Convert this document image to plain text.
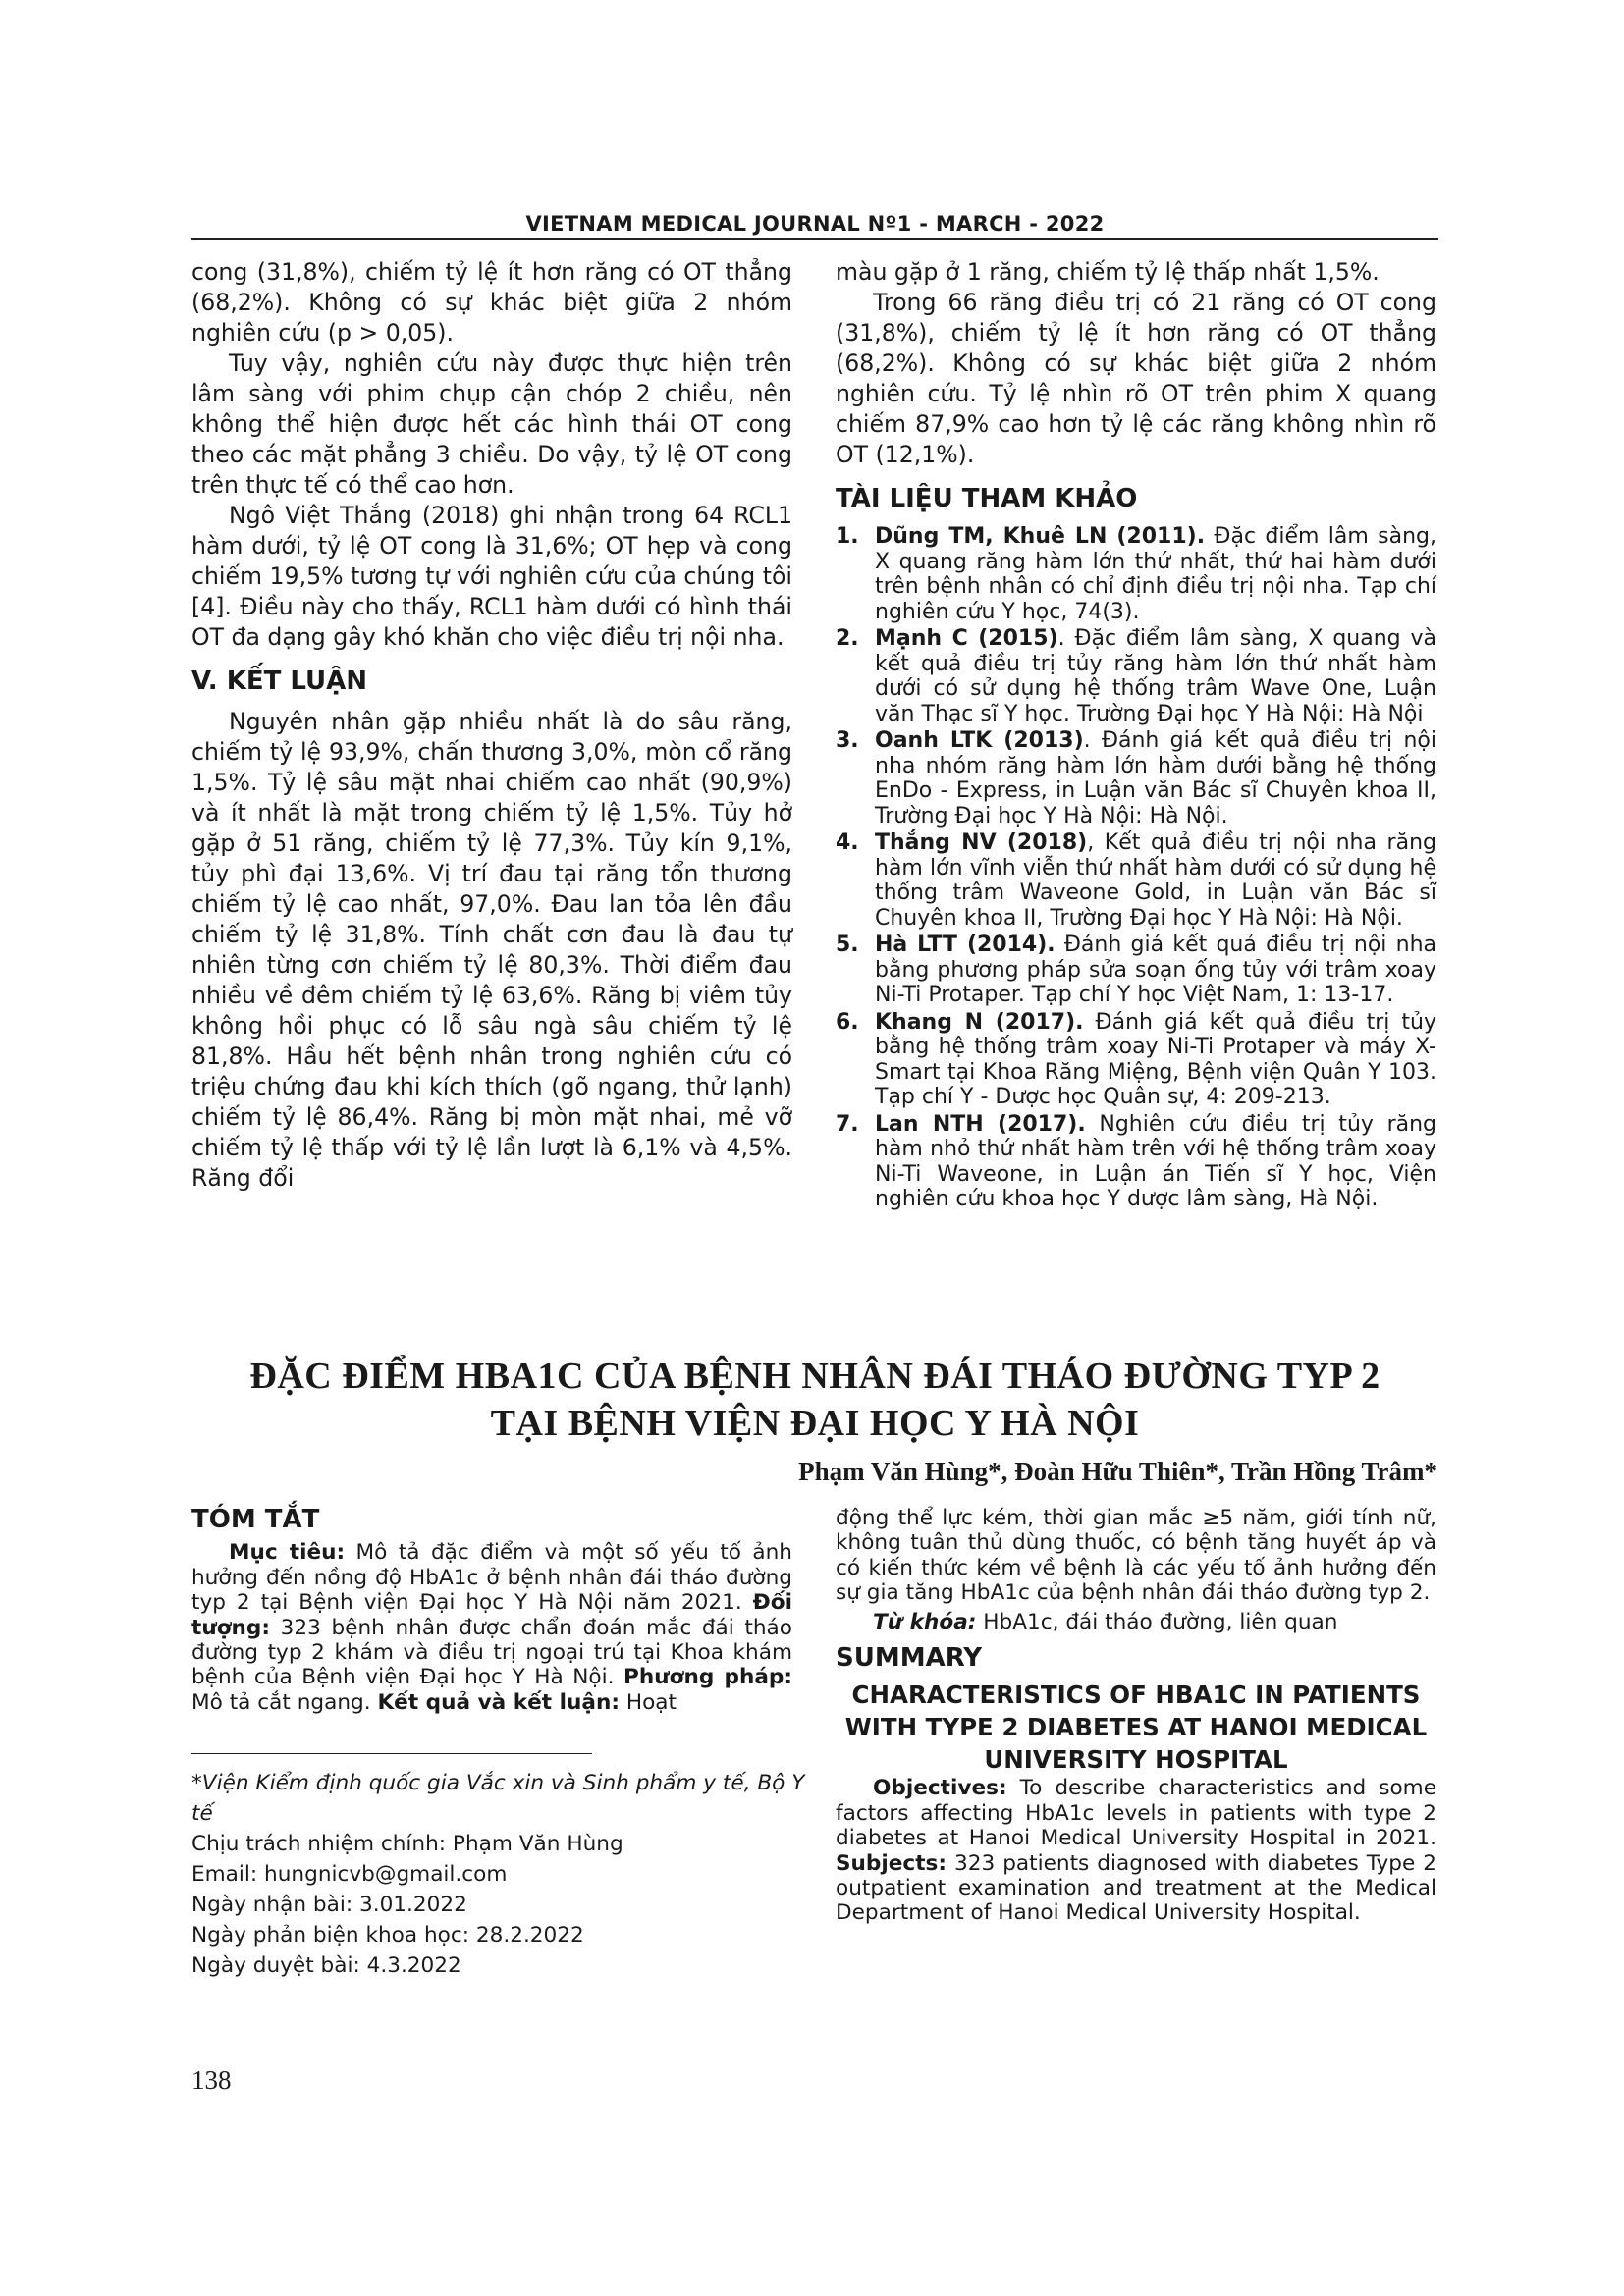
VIETNAM MEDICAL JOURNAL Nº1 - MARCH - 2022

cong (31,8%), chiếm tỷ lệ ít hơn răng có OT thẳng (68,2%). Không có sự khác biệt giữa 2 nhóm nghiên cứu (p > 0,05).

Tuy vậy, nghiên cứu này được thực hiện trên lâm sàng với phim chụp cận chóp 2 chiều, nên không thể hiện được hết các hình thái OT cong theo các mặt phẳng 3 chiều. Do vậy, tỷ lệ OT cong trên thực tế có thể cao hơn.

Ngô Việt Thắng (2018) ghi nhận trong 64 RCL1 hàm dưới, tỷ lệ OT cong là 31,6%; OT hẹp và cong chiếm 19,5% tương tự với nghiên cứu của chúng tôi [4]. Điều này cho thấy, RCL1 hàm dưới có hình thái OT đa dạng gây khó khăn cho việc điều trị nội nha.

V. KẾT LUẬN

Nguyên nhân gặp nhiều nhất là do sâu răng, chiếm tỷ lệ 93,9%, chấn thương 3,0%, mòn cổ răng 1,5%. Tỷ lệ sâu mặt nhai chiếm cao nhất (90,9%) và ít nhất là mặt trong chiếm tỷ lệ 1,5%. Tủy hở gặp ở 51 răng, chiếm tỷ lệ 77,3%. Tủy kín 9,1%, tủy phì đại 13,6%. Vị trí đau tại răng tổn thương chiếm tỷ lệ cao nhất, 97,0%. Đau lan tỏa lên đầu chiếm tỷ lệ 31,8%. Tính chất cơn đau là đau tự nhiên từng cơn chiếm tỷ lệ 80,3%. Thời điểm đau nhiều về đêm chiếm tỷ lệ 63,6%. Răng bị viêm tủy không hồi phục có lỗ sâu ngà sâu chiếm tỷ lệ 81,8%. Hầu hết bệnh nhân trong nghiên cứu có triệu chứng đau khi kích thích (gõ ngang, thử lạnh) chiếm tỷ lệ 86,4%. Răng bị mòn mặt nhai, mẻ vỡ chiếm tỷ lệ thấp với tỷ lệ lần lượt là 6,1% và 4,5%. Răng đổi

màu gặp ở 1 răng, chiếm tỷ lệ thấp nhất 1,5%.

Trong 66 răng điều trị có 21 răng có OT cong (31,8%), chiếm tỷ lệ ít hơn răng có OT thẳng (68,2%). Không có sự khác biệt giữa 2 nhóm nghiên cứu. Tỷ lệ nhìn rõ OT trên phim X quang chiếm 87,9% cao hơn tỷ lệ các răng không nhìn rõ OT (12,1%).

TÀI LIỆU THAM KHẢO
1. Dũng TM, Khuê LN (2011). Đặc điểm lâm sàng, X quang răng hàm lớn thứ nhất, thứ hai hàm dưới trên bệnh nhân có chỉ định điều trị nội nha. Tạp chí nghiên cứu Y học, 74(3).
2. Mạnh C (2015). Đặc điểm lâm sàng, X quang và kết quả điều trị tủy răng hàm lớn thứ nhất hàm dưới có sử dụng hệ thống trâm Wave One, Luận văn Thạc sĩ Y học. Trường Đại học Y Hà Nội: Hà Nội
3. Oanh LTK (2013). Đánh giá kết quả điều trị nội nha nhóm răng hàm lớn hàm dưới bằng hệ thống EnDo - Express, in Luận văn Bác sĩ Chuyên khoa II, Trường Đại học Y Hà Nội: Hà Nội.
4. Thắng NV (2018), Kết quả điều trị nội nha răng hàm lớn vĩnh viễn thứ nhất hàm dưới có sử dụng hệ thống trâm Waveone Gold, in Luận văn Bác sĩ Chuyên khoa II, Trường Đại học Y Hà Nội: Hà Nội.
5. Hà LTT (2014). Đánh giá kết quả điều trị nội nha bằng phương pháp sửa soạn ống tủy với trâm xoay Ni-Ti Protaper. Tạp chí Y học Việt Nam, 1: 13-17.
6. Khang N (2017). Đánh giá kết quả điều trị tủy bằng hệ thống trâm xoay Ni-Ti Protaper và máy X-Smart tại Khoa Răng Miệng, Bệnh viện Quân Y 103. Tạp chí Y - Dược học Quân sự, 4: 209-213.
7. Lan NTH (2017). Nghiên cứu điều trị tủy răng hàm nhỏ thứ nhất hàm trên với hệ thống trâm xoay Ni-Ti Waveone, in Luận án Tiến sĩ Y học, Viện nghiên cứu khoa học Y dược lâm sàng, Hà Nội.
ĐẶC ĐIỂM HBA1C CỦA BỆNH NHÂN ĐÁI THÁO ĐƯỜNG TYP 2
TẠI BỆNH VIỆN ĐẠI HỌC Y HÀ NỘI
Phạm Văn Hùng*, Đoàn Hữu Thiên*, Trần Hồng Trâm*
TÓM TẮT

Mục tiêu: Mô tả đặc điểm và một số yếu tố ảnh hưởng đến nồng độ HbA1c ở bệnh nhân đái tháo đường typ 2 tại Bệnh viện Đại học Y Hà Nội năm 2021. Đối tượng: 323 bệnh nhân được chẩn đoán mắc đái tháo đường typ 2 khám và điều trị ngoại trú tại Khoa khám bệnh của Bệnh viện Đại học Y Hà Nội. Phương pháp: Mô tả cắt ngang. Kết quả và kết luận: Hoạt

*Viện Kiểm định quốc gia Vắc xin và Sinh phẩm y tế, Bộ Y tế

Chịu trách nhiệm chính: Phạm Văn Hùng

Email: hungnicvb@gmail.com

Ngày nhận bài: 3.01.2022

Ngày phản biện khoa học: 28.2.2022

Ngày duyệt bài: 4.3.2022

động thể lực kém, thời gian mắc ≥5 năm, giới tính nữ, không tuân thủ dùng thuốc, có bệnh tăng huyết áp và có kiến thức kém về bệnh là các yếu tố ảnh hưởng đến sự gia tăng HbA1c của bệnh nhân đái tháo đường typ 2.

Từ khóa: HbA1c, đái tháo đường, liên quan

SUMMARY
CHARACTERISTICS OF HBA1C IN PATIENTS WITH TYPE 2 DIABETES AT HANOI MEDICAL UNIVERSITY HOSPITAL

Objectives: To describe characteristics and some factors affecting HbA1c levels in patients with type 2 diabetes at Hanoi Medical University Hospital in 2021. Subjects: 323 patients diagnosed with diabetes Type 2 outpatient examination and treatment at the Medical Department of Hanoi Medical University Hospital.

138
